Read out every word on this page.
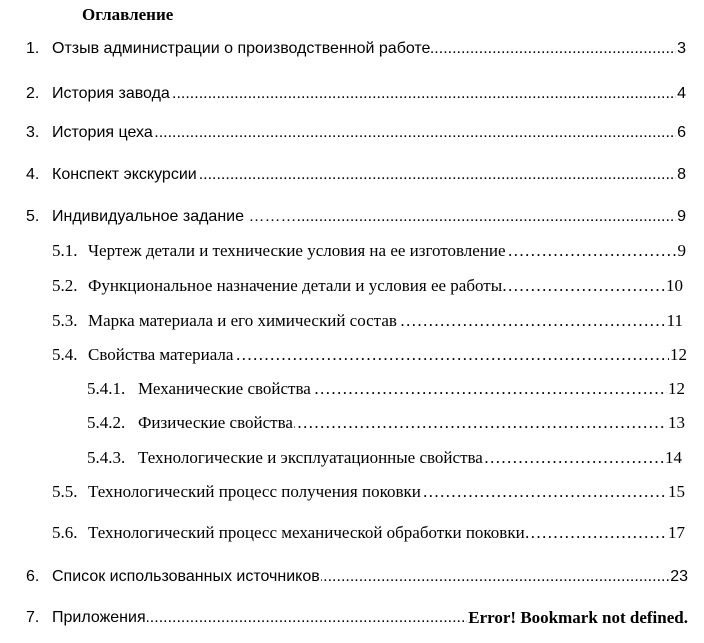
Оглавление
1. ..... Отзыв администрации о производственной работе	3
2. ..... История завода	4
3. ..... История цеха	6
4. ..... Конспект экскурсии	8
5. ..... Индивидуальное задание ………	9
5.1. ……………………………………………………………………………………………………………………………………………………………………………… Чертеж детали и технические условия на ее изготовление	9
5.2. ……………………………………………………………………………………………………………………………………………………………………………… Функциональное назначение детали и условия ее работы	10
5.3. ……………………………………………………………………………………………………………………………………………………………………………… Марка материала и его химический состав	11
5.4. ……………………………………………………………………………………………………………………………………………………………………………… Свойства материала	12
5.4.1. ……………………………………………………………………………………………………………………………………………………………………………… Механические свойства	12
5.4.2. ……………………………………………………………………………………………………………………………………………………………………………… Физические свойства	13
5.4.3. ……………………………………………………………………………………………………………………………………………………………………………… Технологические и эксплуатационные свойства	14
5.5. ……………………………………………………………………………………………………………………………………………………………………………… Технологический процесс получения поковки	15
5.6. ……………………………………………………………………………………………………………………………………………………………………………… Технологический процесс механической обработки поковки	17
6. ..... Список использованных источников	23
7. ..... Приложения	Error! Bookmark not defined.
